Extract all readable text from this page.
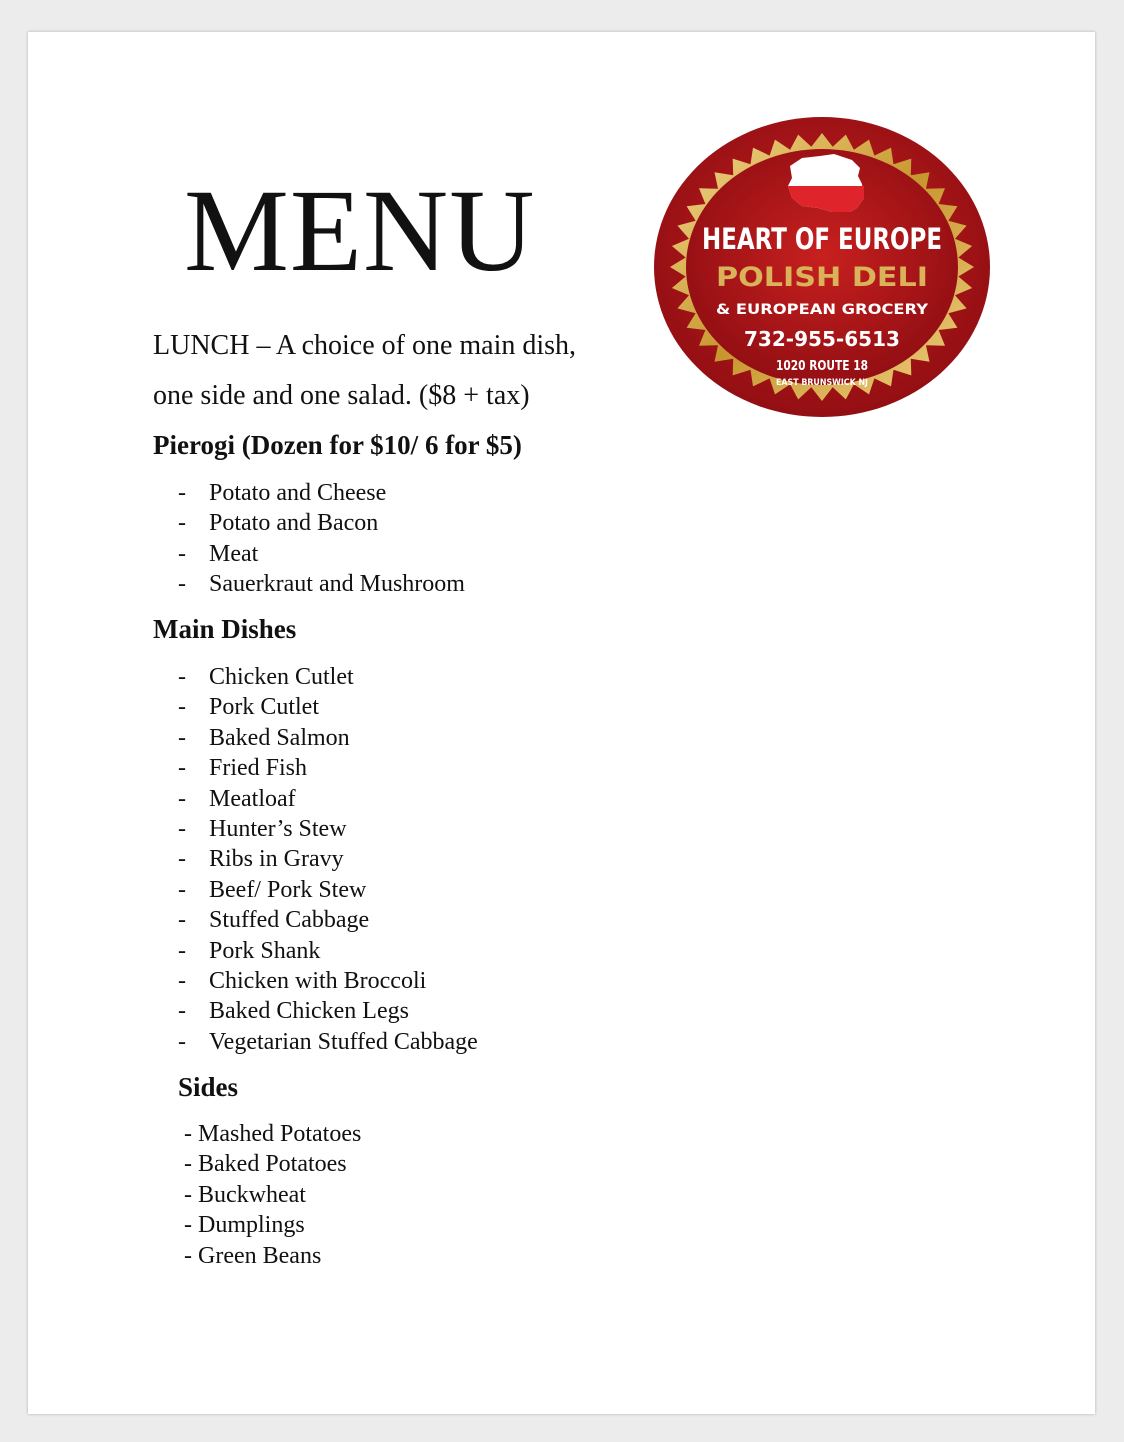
MENU
LUNCH – A choice of one main dish,
one side and one salad. ($8 + tax)
Pierogi (Dozen for $10/ 6 for $5)
- Potato and Cheese
- Potato and Bacon
- Meat
- Sauerkraut and Mushroom
Main Dishes
- Chicken Cutlet
- Pork Cutlet
- Baked Salmon
- Fried Fish
- Meatloaf
- Hunter’s Stew
- Ribs in Gravy
- Beef/ Pork Stew
- Stuffed Cabbage
- Pork Shank
- Chicken with Broccoli
- Baked Chicken Legs
- Vegetarian Stuffed Cabbage
Sides
- Mashed Potatoes
- Baked Potatoes
- Buckwheat
- Dumplings
- Green Beans
HEART OF EUROPE
POLISH DELI
& EUROPEAN GROCERY
732-955-6513
1020 ROUTE 18
EAST BRUNSWICK NJ
